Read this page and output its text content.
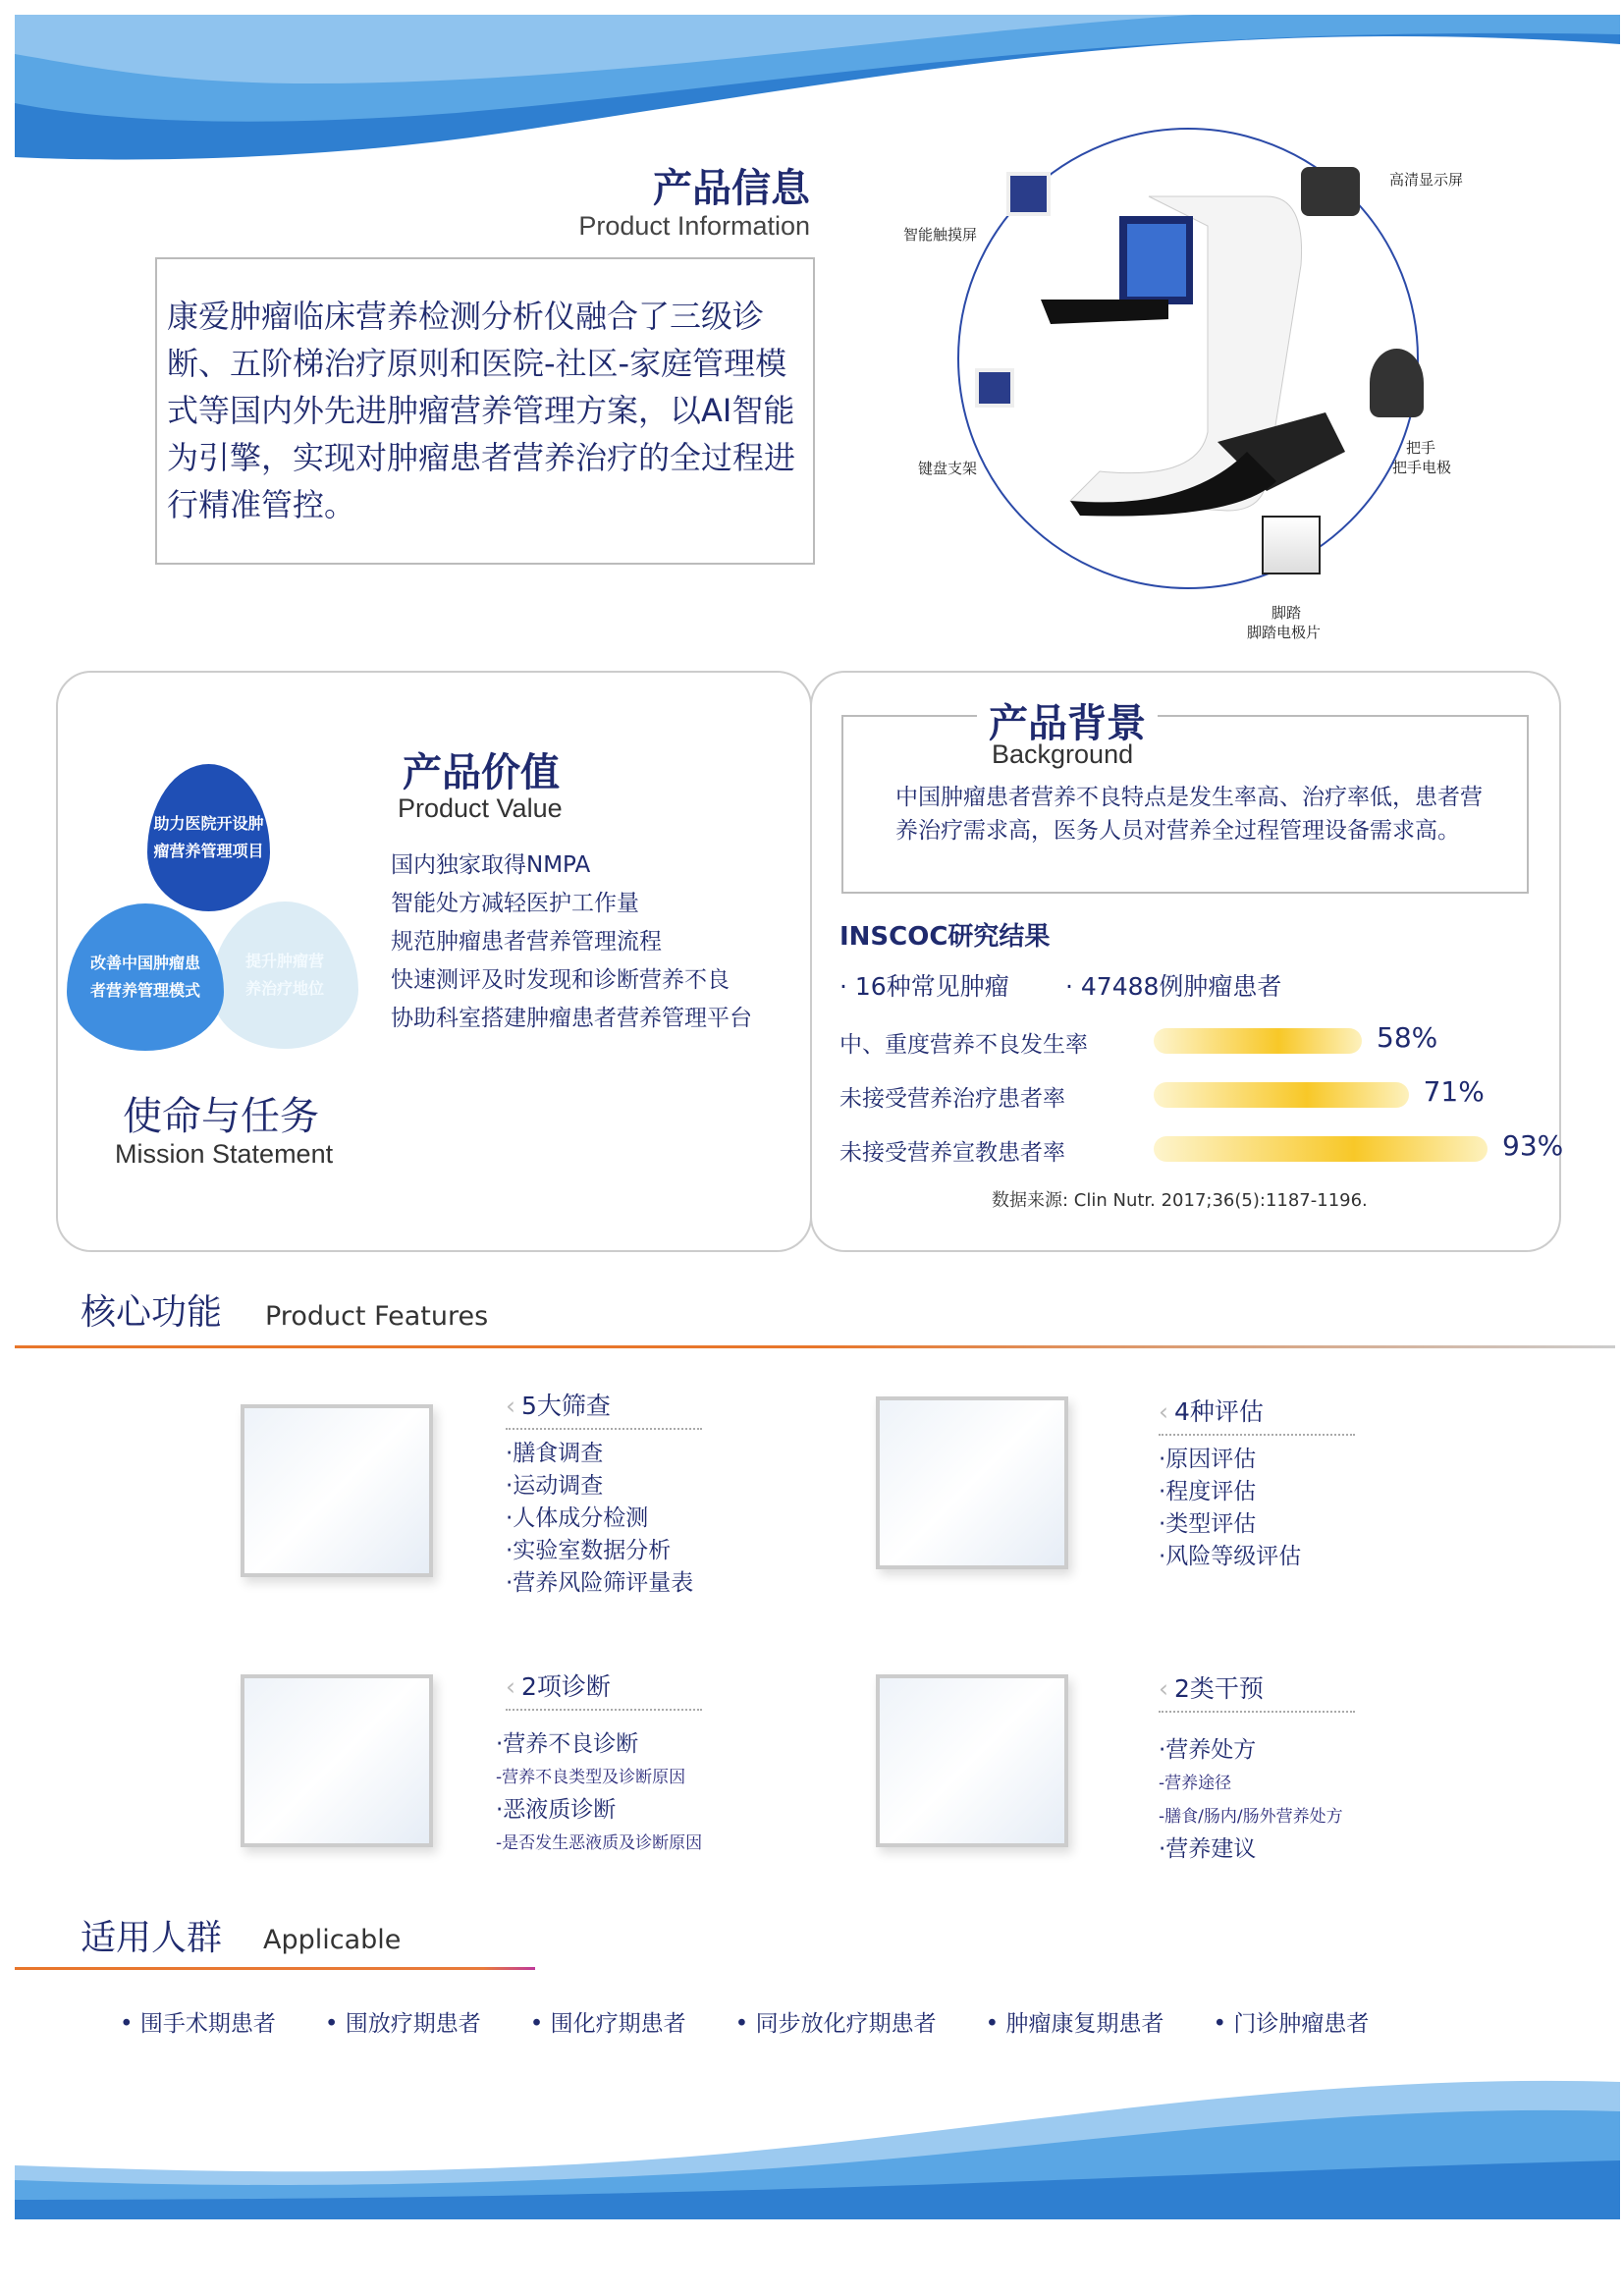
产品信息
Product Information
康爱肿瘤临床营养检测分析仪融合了三级诊断、五阶梯治疗原则和医院-社区-家庭管理模式等国内外先进肿瘤营养管理方案，以AI智能为引擎，实现对肿瘤患者营养治疗的全过程进行精准管控。
智能触摸屏
高清显示屏
键盘支架
把手
把手电极
脚踏
脚踏电极片
助力医院开设肿瘤营养管理项目
改善中国肿瘤患者营养管理模式
提升肿瘤营养治疗地位
产品价值
Product Value
国内独家取得NMPA
智能处方减轻医护工作量
规范肿瘤患者营养管理流程
快速测评及时发现和诊断营养不良
协助科室搭建肿瘤患者营养管理平台
使命与任务
Mission Statement
产品背景
Background
中国肿瘤患者营养不良特点是发生率高、治疗率低，患者营养治疗需求高，医务人员对营养全过程管理设备需求高。
INSCOC研究结果
· 16种常见肿瘤	· 47488例肿瘤患者
中、重度营养不良发生率	58%
未接受营养治疗患者率	71%
未接受营养宣教患者率	93%
数据来源: Clin Nutr. 2017;36(5):1187-1196.
核心功能 Product Features
‹ 5大筛查
·膳食调查
·运动调查
·人体成分检测
·实验室数据分析
·营养风险筛评量表
‹ 4种评估
·原因评估
·程度评估
·类型评估
·风险等级评估
‹ 2项诊断
·营养不良诊断
-营养不良类型及诊断原因
·恶液质诊断
-是否发生恶液质及诊断原因
‹ 2类干预
·营养处方
-营养途径
-膳食/肠内/肠外营养处方
·营养建议
适用人群 Applicable
• 围手术期患者 • 围放疗期患者 • 围化疗期患者 • 同步放化疗期患者 • 肿瘤康复期患者 • 门诊肿瘤患者
